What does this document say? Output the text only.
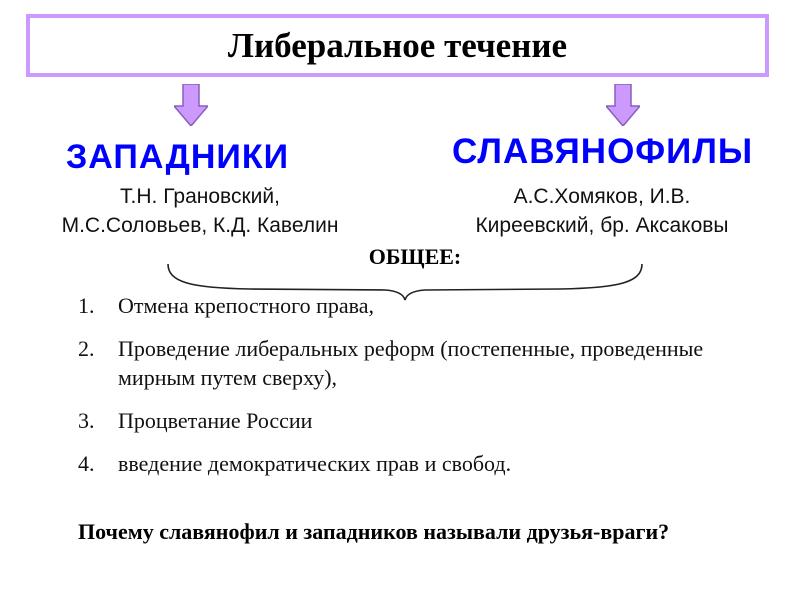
Либеральное течение
ЗАПАДНИКИ	СЛАВЯНОФИЛЫ
Т.Н. Грановский,
М.С.Соловьев, К.Д. Кавелин
А.С.Хомяков, И.В.
Киреевский, бр. Аксаковы
ОБЩЕЕ:
1.	Отмена крепостного права,
2.	Проведение либеральных реформ (постепенные, проведенные мирным путем сверху),
3.	Процветание России
4.	введение демократических прав и свобод.
Почему славянофил и западников называли друзья-враги?
